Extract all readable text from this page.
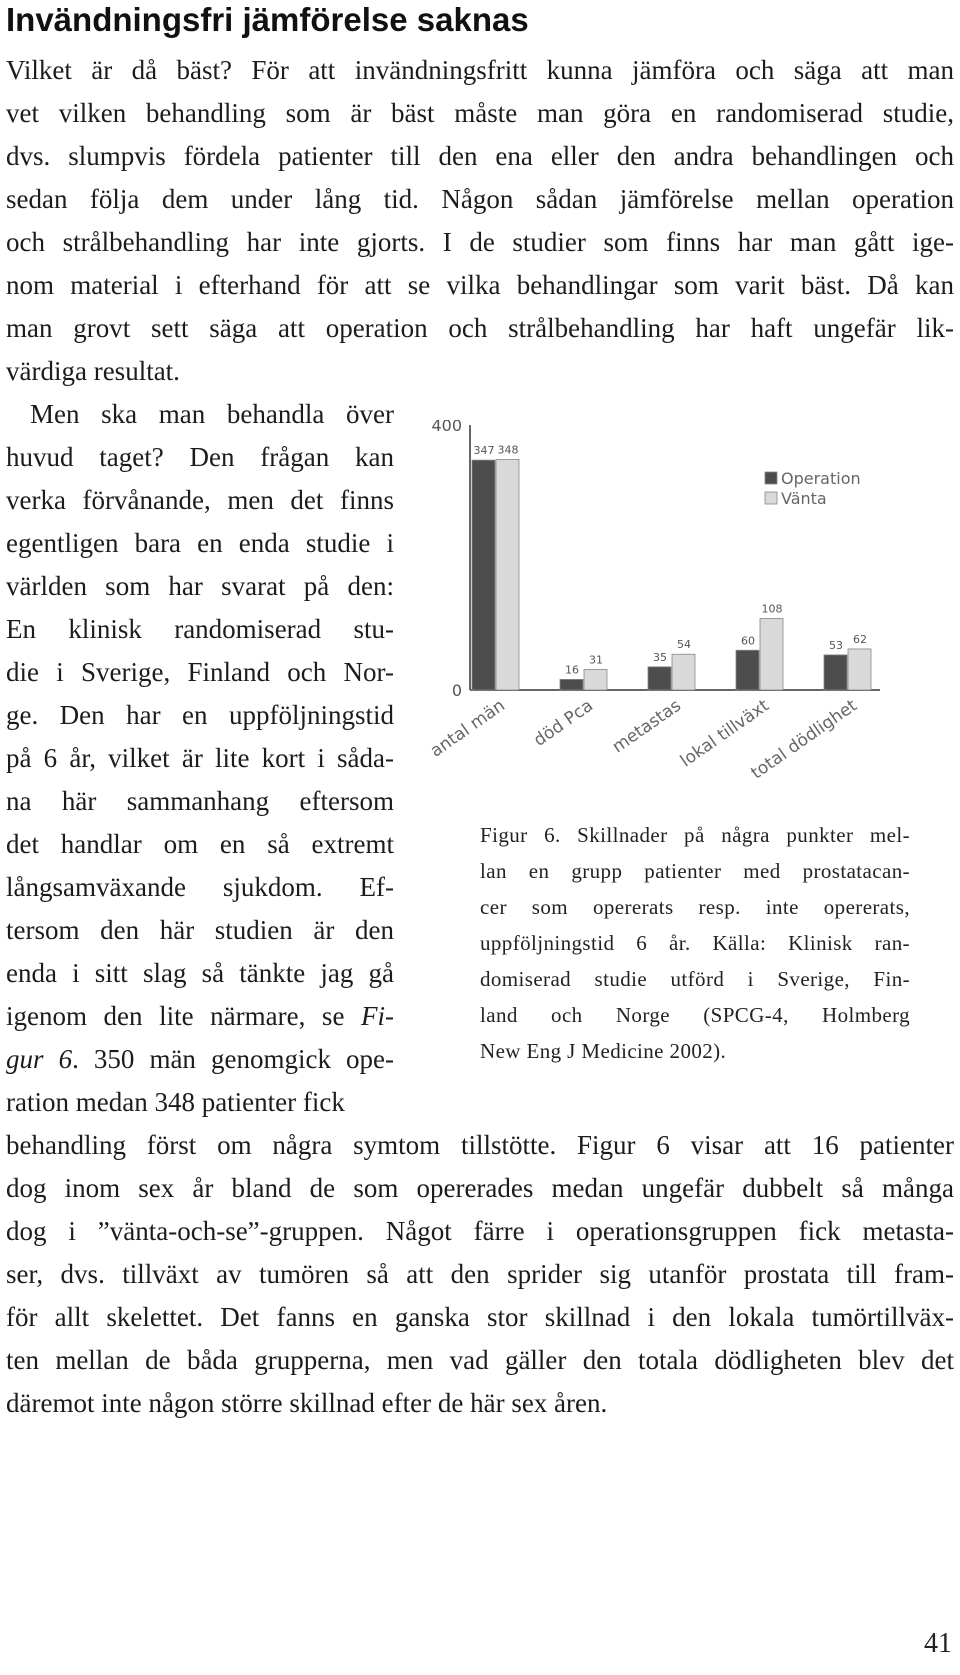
Invändningsfri jämförelse saknas
Vilket är då bäst? För att invändningsfritt kunna jämföra och säga att man
vet vilken behandling som är bäst måste man göra en randomiserad studie,
dvs. slumpvis fördela patienter till den ena eller den andra behandlingen och
sedan följa dem under lång tid. Någon sådan jämförelse mellan operation
och strålbehandling har inte gjorts. I de studier som finns har man gått ige-
nom material i efterhand för att se vilka behandlingar som varit bäst. Då kan
man grovt sett säga att operation och strålbehandling har haft ungefär lik-
värdiga resultat.
Men ska man behandla över
huvud taget? Den frågan kan
verka förvånande, men det finns
egentligen bara en enda studie i
världen som har svarat på den:
En klinisk randomiserad stu-
die i Sverige, Finland och Nor-
ge. Den har en uppföljningstid
på 6 år, vilket är lite kort i såda-
na här sammanhang eftersom
det handlar om en så extremt
långsamväxande sjukdom. Ef-
tersom den här studien är den
enda i sitt slag så tänkte jag gå
igenom den lite närmare, se Fi-
gur 6. 350 män genomgick ope-
ration medan 348 patienter fick
behandling först om några symtom tillstötte. Figur 6 visar att 16 patienter
dog inom sex år bland de som opererades medan ungefär dubbelt så många
dog i ”vänta-och-se”-gruppen. Något färre i operationsgruppen fick metasta-
ser, dvs. tillväxt av tumören så att den sprider sig utanför prostata till fram-
för allt skelettet. Det fanns en ganska stor skillnad i den lokala tumörtillväx-
ten mellan de båda grupperna, men vad gäller den totala dödligheten blev det
däremot inte någon större skillnad efter de här sex åren.
0
400
antal män död Pca metastas
lokal tillväxt
total dödlighet
347 348
16
31	35
54	60
108
53 62
Operation
Vänta
Figur 6. Skillnader på några punkter mel-
lan en grupp patienter med prostatacan-
cer som opererats resp. inte opererats,
uppföljningstid 6 år. Källa: Klinisk ran-
domiserad studie utförd i Sverige, Fin-
land och Norge (SPCG-4, Holmberg
New Eng J Medicine 2002).
41
